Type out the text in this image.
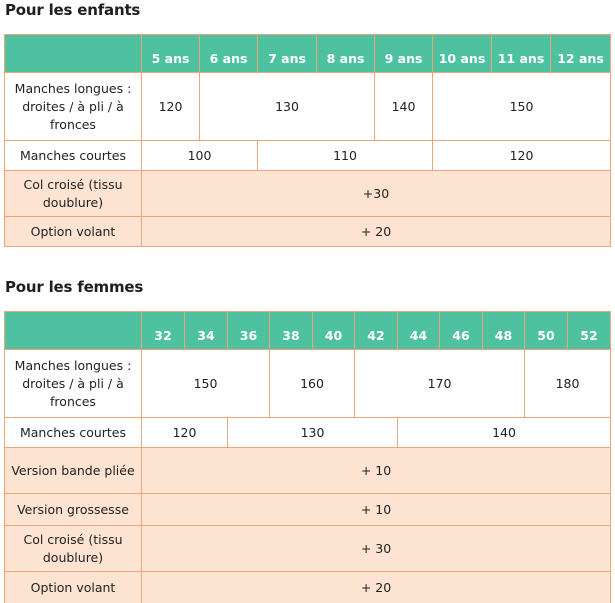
Pour les enfants
	5 ans	6 ans	7 ans	8 ans	9 ans	10 ans	11 ans	12 ans
Manches longues : droites / à pli / à fronces	120	130			140	150		
Manches courtes	100		110			120		
Col croisé (tissu doublure)	+30							
Option volant	+ 20							
Pour les femmes
	32	34	36	38	40	42	44	46	48	50	52
Manches longues : droites / à pli / à fronces	150			160		170				180	
Manches courtes	120		130				140				
Version bande pliée	+ 10										
Version grossesse	+ 10										
Col croisé (tissu doublure)	+ 30										
Option volant	+ 20										
